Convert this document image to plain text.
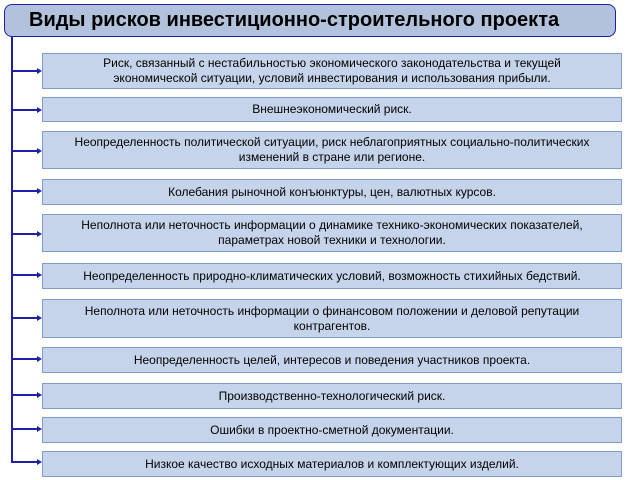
Виды рисков инвестиционно-строительного проекта
Риск, связанный с нестабильностью экономического законодательства и текущей экономической ситуации, условий инвестирования и использования прибыли.
Внешнеэкономический риск.
Неопределенность политической ситуации, риск неблагоприятных социально-политических изменений в стране или регионе.
Колебания рыночной конъюнктуры, цен, валютных курсов.
Неполнота или неточность информации о динамике технико-экономических показателей, параметрах новой техники и технологии.
Неопределенность природно-климатических условий, возможность стихийных бедствий.
Неполнота или неточность информации о финансовом положении и деловой репутации контрагентов.
Неопределенность целей, интересов и поведения участников проекта.
Производственно-технологический риск.
Ошибки в проектно-сметной документации.
Низкое качество исходных материалов и комплектующих изделий.
